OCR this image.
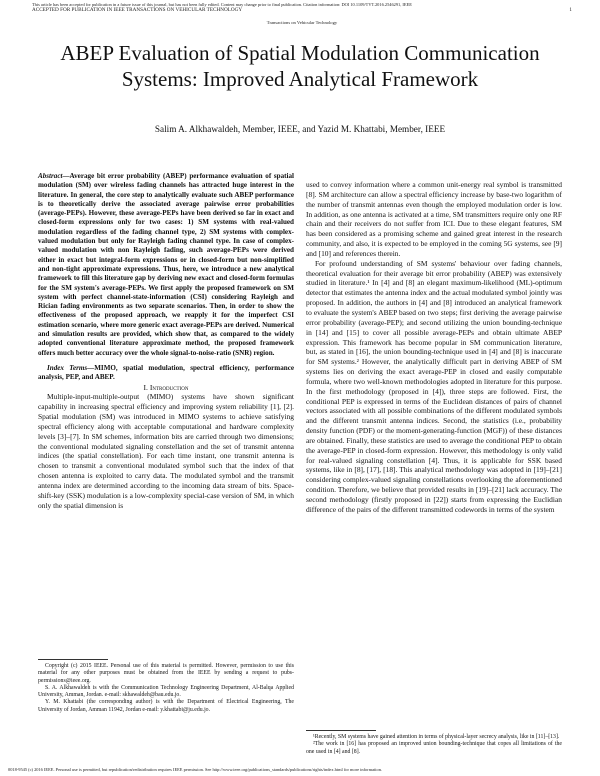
This article has been accepted for publication in a future issue of this journal, but has not been fully edited. Content may change prior to final publication. Citation information: DOI 10.1109/TVT.2016.2546291, IEEE
ACCEPTED FOR PUBLICATION IN IEEE TRANSACTIONS ON VEHICULAR TECHNOLOGY	1
Transactions on Vehicular Technology
ABEP Evaluation of Spatial Modulation Communication Systems: Improved Analytical Framework
Salim A. Alkhawaldeh, Member, IEEE, and Yazid M. Khattabi, Member, IEEE

Abstract—Average bit error probability (ABEP) performance evaluation of spatial modulation (SM) over wireless fading channels has attracted huge interest in the literature. In general, the core step to analytically evaluate such ABEP performance is to theoretically derive the associated average pairwise error probabilities (average-PEPs). However, these average-PEPs have been derived so far in exact and closed-form expressions only for two cases: 1) SM systems with real-valued modulation regardless of the fading channel type, 2) SM systems with complex-valued modulation but only for Rayleigh fading channel type. In case of complex-valued modulation with non Rayleigh fading, such average-PEPs were derived either in exact but integral-form expressions or in closed-form but non-simplified and non-tight approximate expressions. Thus, here, we introduce a new analytical framework to fill this literature gap by deriving new exact and closed-form formulas for the SM system's average-PEPs. We first apply the proposed framework on SM system with perfect channel-state-information (CSI) considering Rayleigh and Rician fading environments as two separate scenarios. Then, in order to show the effectiveness of the proposed approach, we reapply it for the imperfect CSI estimation scenario, where more generic exact average-PEPs are derived. Numerical and simulation results are provided, which show that, as compared to the widely adopted conventional literature approximate method, the proposed framework offers much better accuracy over the whole signal-to-noise-ratio (SNR) region.

Index Terms—MIMO, spatial modulation, spectral efficiency, performance analysis, PEP, and ABEP.

I. Introduction

Multiple-input-multiple-output (MIMO) systems have shown significant capability in increasing spectral efficiency and improving system reliability [1], [2]. Spatial modulation (SM) was introduced in MIMO systems to achieve satisfying spectral efficiency along with acceptable computational and hardware complexity levels [3]–[7]. In SM schemes, information bits are carried through two dimensions; the conventional modulated signaling constellation and the set of transmit antenna indices (the spatial constellation). For each time instant, one transmit antenna is chosen to transmit a conventional modulated symbol such that the index of that chosen antenna is exploited to carry data. The modulated symbol and the transmit antenna index are determined according to the incoming data stream of bits. Space-shift-key (SSK) modulation is a low-complexity special-case version of SM, in which only the spatial dimension is

Copyright (c) 2015 IEEE. Personal use of this material is permitted. However, permission to use this material for any other purposes must be obtained from the IEEE by sending a request to pubs-permissions@ieee.org.

S. A. Alkhawaldeh is with the Communication Technology Engineering Department, Al-Balqa Applied University, Amman, Jordan. e-mail: skhawaldeh@bau.edu.jo.

Y. M. Khattabi (the corresponding author) is with the Department of Electrical Engineering, The University of Jordan, Amman 11942, Jordan e-mail: y.khattabi@ju.edu.jo.

used to convey information where a common unit-energy real symbol is transmitted [8]. SM architecture can allow a spectral efficiency increase by base-two logarithm of the number of transmit antennas even though the employed modulation order is low. In addition, as one antenna is activated at a time, SM transmitters require only one RF chain and their receivers do not suffer from ICI. Due to these elegant features, SM has been considered as a promising scheme and gained great interest in the research community, and also, it is expected to be employed in the coming 5G systems, see [9] and [10] and references therein.

For profound understanding of SM systems' behaviour over fading channels, theoretical evaluation for their average bit error probability (ABEP) was extensively studied in literature.¹ In [4] and [8] an elegant maximum-likelihood (ML)-optimum detector that estimates the antenna index and the actual modulated symbol jointly was proposed. In addition, the authors in [4] and [8] introduced an analytical framework to evaluate the system's ABEP based on two steps; first deriving the average pairwise error probability (average-PEP); and second utilizing the union bounding-technique in [14] and [15] to cover all possible average-PEPs and obtain ultimate ABEP expression. This framework has become popular in SM communication literature, but, as stated in [16], the union bounding-technique used in [4] and [8] is inaccurate for SM systems.² However, the analytically difficult part in deriving ABEP of SM systems lies on deriving the exact average-PEP in closed and easily computable formula, where two well-known methodologies adopted in literature for this purpose. In the first methodology (proposed in [4]), three steps are followed. First, the conditional PEP is expressed in terms of the Euclidean distances of pairs of channel vectors associated with all possible combinations of the different modulated symbols and the different transmit antenna indices. Second, the statistics (i.e., probability density function (PDF) or the moment-generating-function (MGF)) of these distances are obtained. Finally, these statistics are used to average the conditional PEP to obtain the average-PEP in closed-form expression. However, this methodology is only valid for real-valued signaling constellation [4]. Thus, it is applicable for SSK based systems, like in [8], [17], [18]. This analytical methodology was adopted in [19]–[21] considering complex-valued signaling constellations overlooking the aforementioned condition. Therefore, we believe that provided results in [19]–[21] lack accuracy. The second methodology (firstly proposed in [22]) starts from expressing the Euclidian difference of the pairs of the different transmitted codewords in terms of the system

¹Recently, SM systems have gained attention in terms of physical-layer secrecy analysis, like in [11]–[13].

²The work in [16] has proposed an improved union bounding-technique that copes all limitations of the one used in [4] and [8].

0018-9545 (c) 2016 IEEE. Personal use is permitted, but republication/redistribution requires IEEE permission. See http://www.ieee.org/publications_standards/publications/rights/index.html for more information.
